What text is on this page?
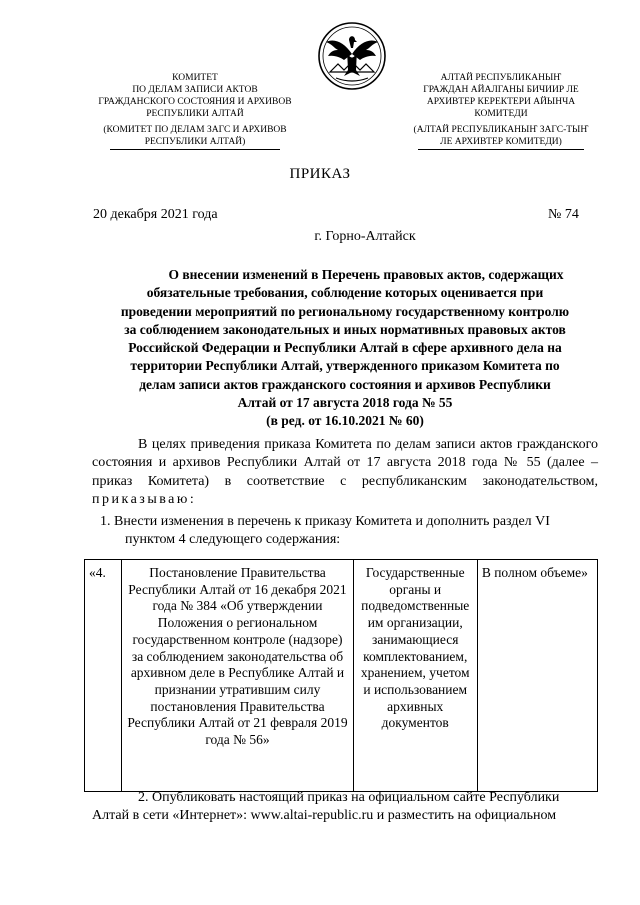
КОМИТЕТ
ПО ДЕЛАМ ЗАПИСИ АКТОВ
ГРАЖДАНСКОГО СОСТОЯНИЯ И АРХИВОВ
РЕСПУБЛИКИ АЛТАЙ
(КОМИТЕТ ПО ДЕЛАМ ЗАГС И АРХИВОВ
РЕСПУБЛИКИ АЛТАЙ)
АЛТАЙ РЕСПУБЛИКАНЫҤ
ГРАЖДАН АЙАЛГАНЫ БИЧИИР ЛЕ
АРХИВТЕР КЕРЕКТЕРИ АЙЫНЧА
КОМИТЕДИ
(АЛТАЙ РЕСПУБЛИКАНЫҤ ЗАГС-ТЫҤ
ЛЕ АРХИВТЕР КОМИТЕДИ)
ПРИКАЗ
20 декабря 2021 года	№ 74
г. Горно-Алтайск
О внесении изменений в Перечень правовых актов, содержащих
обязательные требования, соблюдение которых оценивается при
проведении мероприятий по региональному государственному контролю
за соблюдением законодательных и иных нормативных правовых актов
Российской Федерации и Республики Алтай в сфере архивного дела на
территории Республики Алтай, утвержденного приказом Комитета по
делам записи актов гражданского состояния и архивов Республики
Алтай от 17 августа 2018 года № 55
(в ред. от 16.10.2021 № 60)
В целях приведения приказа Комитета по делам записи актов гражданского состояния и архивов Республики Алтай от 17 августа 2018 года № 55 (далее – приказ Комитета) в соответствие с республиканским законодательством, приказываю:
1. Внести изменения в перечень к приказу Комитета и дополнить раздел VI
пунктом 4 следующего содержания:
«4.	Постановление Правительства Республики Алтай от 16 декабря 2021 года № 384 «Об утверждении Положения о региональном государственном контроле (надзоре) за соблюдением законодательства об архивном деле в Республике Алтай и признании утратившим силу постановления Правительства Республики Алтай от 21 февраля 2019 года № 56»	Государственные органы и подведомственные им организации, занимающиеся комплектованием, хранением, учетом и использованием архивных документов	В полном объеме»
2. Опубликовать настоящий приказ на официальном сайте Республики
Алтай в сети «Интернет»: www.altai-republic.ru и разместить на официальном
